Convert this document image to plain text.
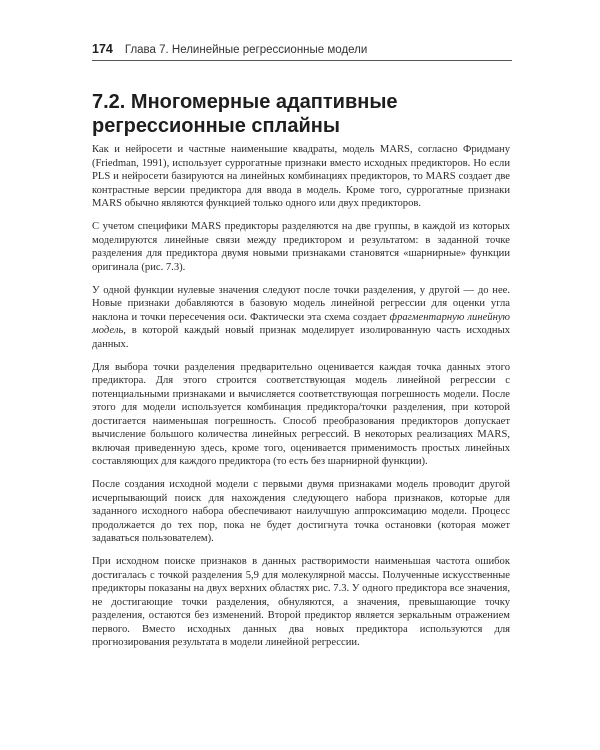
174 Глава 7. Нелинейные регрессионные модели
7.2. Многомерные адаптивные
регрессионные сплайны

Как и нейросети и частные наименьшие квадраты, модель MARS, согласно Фридману (Friedman, 1991), использует суррогатные признаки вместо исходных предикторов. Но если PLS и нейросети базируются на линейных комбинациях предикторов, то MARS создает две контрастные версии предиктора для ввода в модель. Кроме того, суррогатные признаки MARS обычно являются функцией только одного или двух предикторов.

С учетом специфики MARS предикторы разделяются на две группы, в каждой из которых моделируются линейные связи между предиктором и результатом: в заданной точке разделения для предиктора двумя новыми признаками становятся «шарнирные» функции оригинала (рис. 7.3).

У одной функции нулевые значения следуют после точки разделения, у другой — до нее. Новые признаки добавляются в базовую модель линейной регрессии для оценки угла наклона и точки пересечения оси. Фактически эта схема создает фрагментарную линейную модель, в которой каждый новый признак моделирует изолированную часть исходных данных.

Для выбора точки разделения предварительно оценивается каждая точка данных этого предиктора. Для этого строится соответствующая модель линейной регрессии с потенциальными признаками и вычисляется соответствующая погрешность модели. После этого для модели используется комбинация предиктора/точки разделения, при которой достигается наименьшая погрешность. Способ преобразования предикторов допускает вычисление большого количества линейных регрессий. В некоторых реализациях MARS, включая приведенную здесь, кроме того, оценивается применимость простых линейных составляющих для каждого предиктора (то есть без шарнирной функции).

После создания исходной модели с первыми двумя признаками модель проводит другой исчерпывающий поиск для нахождения следующего набора признаков, которые для заданного исходного набора обеспечивают наилучшую аппроксимацию модели. Процесс продолжается до тех пор, пока не будет достигнута точка остановки (которая может задаваться пользователем).

При исходном поиске признаков в данных растворимости наименьшая частота ошибок достигалась с точкой разделения 5,9 для молекулярной массы. Полученные искусственные предикторы показаны на двух верхних областях рис. 7.3. У одного предиктора все значения, не достигающие точки разделения, обнуляются, а значения, превышающие точку разделения, остаются без изменений. Второй предиктор является зеркальным отражением первого. Вместо исходных данных два новых предиктора используются для прогнозирования результата в модели линейной регрессии.
